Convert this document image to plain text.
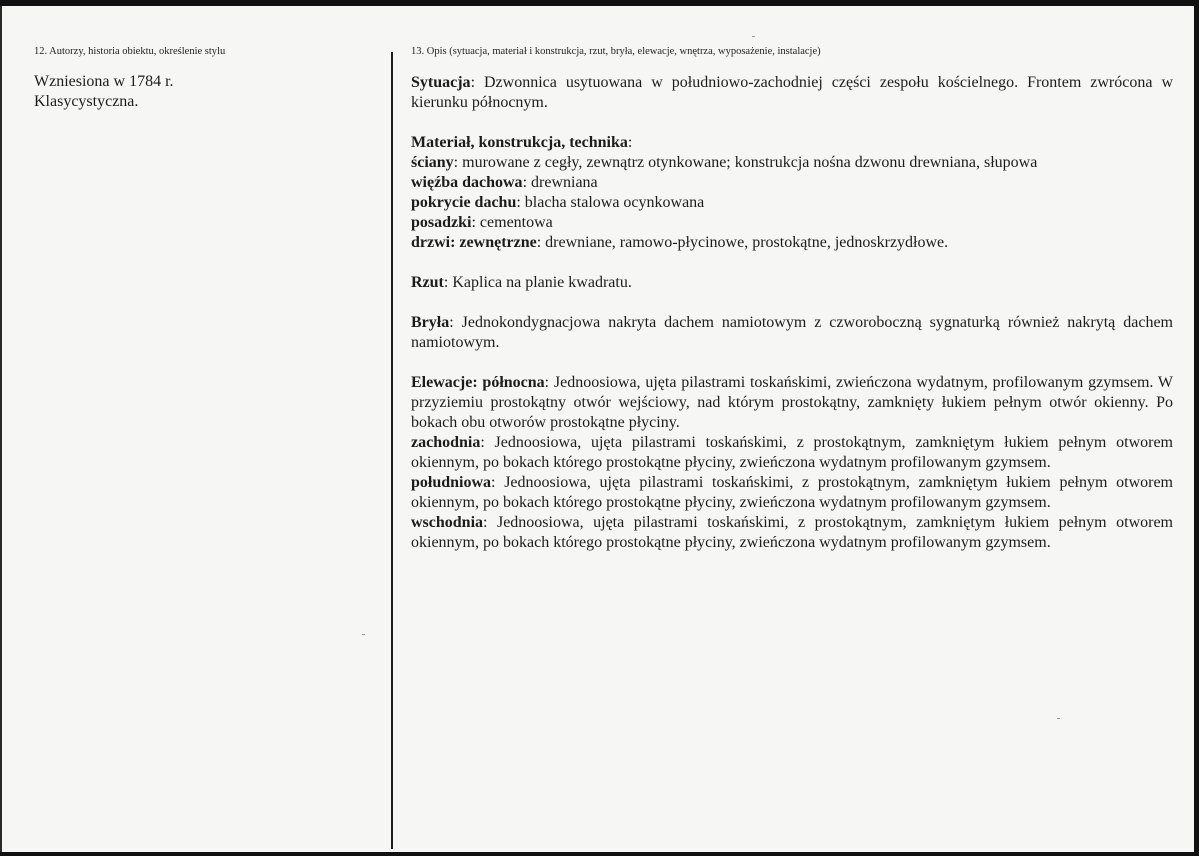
12. Autorzy, historia obiektu, określenie stylu
Wzniesiona w 1784 r.
Klasycystyczna.
13. Opis (sytuacja, materiał i konstrukcja, rzut, bryła, elewacje, wnętrza, wyposażenie, instalacje)
Sytuacja: Dzwonnica usytuowana w południowo-zachodniej części zespołu kościelnego. Frontem zwrócona w kierunku północnym.
Materiał, konstrukcja, technika:
ściany: murowane z cegły, zewnątrz otynkowane; konstrukcja nośna dzwonu drewniana, słupowa
więźba dachowa: drewniana
pokrycie dachu: blacha stalowa ocynkowana
posadzki: cementowa
drzwi: zewnętrzne: drewniane, ramowo-płycinowe, prostokątne, jednoskrzydłowe.
Rzut: Kaplica na planie kwadratu.
Bryła: Jednokondygnacjowa nakryta dachem namiotowym z czworoboczną sygnaturką również nakrytą dachem namiotowym.
Elewacje: północna: Jednoosiowa, ujęta pilastrami toskańskimi, zwieńczona wydatnym, profilowanym gzymsem. W przyziemiu prostokątny otwór wejściowy, nad którym prostokątny, zamknięty łukiem pełnym otwór okienny. Po bokach obu otworów prostokątne płyciny.
zachodnia: Jednoosiowa, ujęta pilastrami toskańskimi, z prostokątnym, zamkniętym łukiem pełnym otworem okiennym, po bokach którego prostokątne płyciny, zwieńczona wydatnym profilowanym gzymsem.
południowa: Jednoosiowa, ujęta pilastrami toskańskimi, z prostokątnym, zamkniętym łukiem pełnym otworem okiennym, po bokach którego prostokątne płyciny, zwieńczona wydatnym profilowanym gzymsem.
wschodnia: Jednoosiowa, ujęta pilastrami toskańskimi, z prostokątnym, zamkniętym łukiem pełnym otworem okiennym, po bokach którego prostokątne płyciny, zwieńczona wydatnym profilowanym gzymsem.
